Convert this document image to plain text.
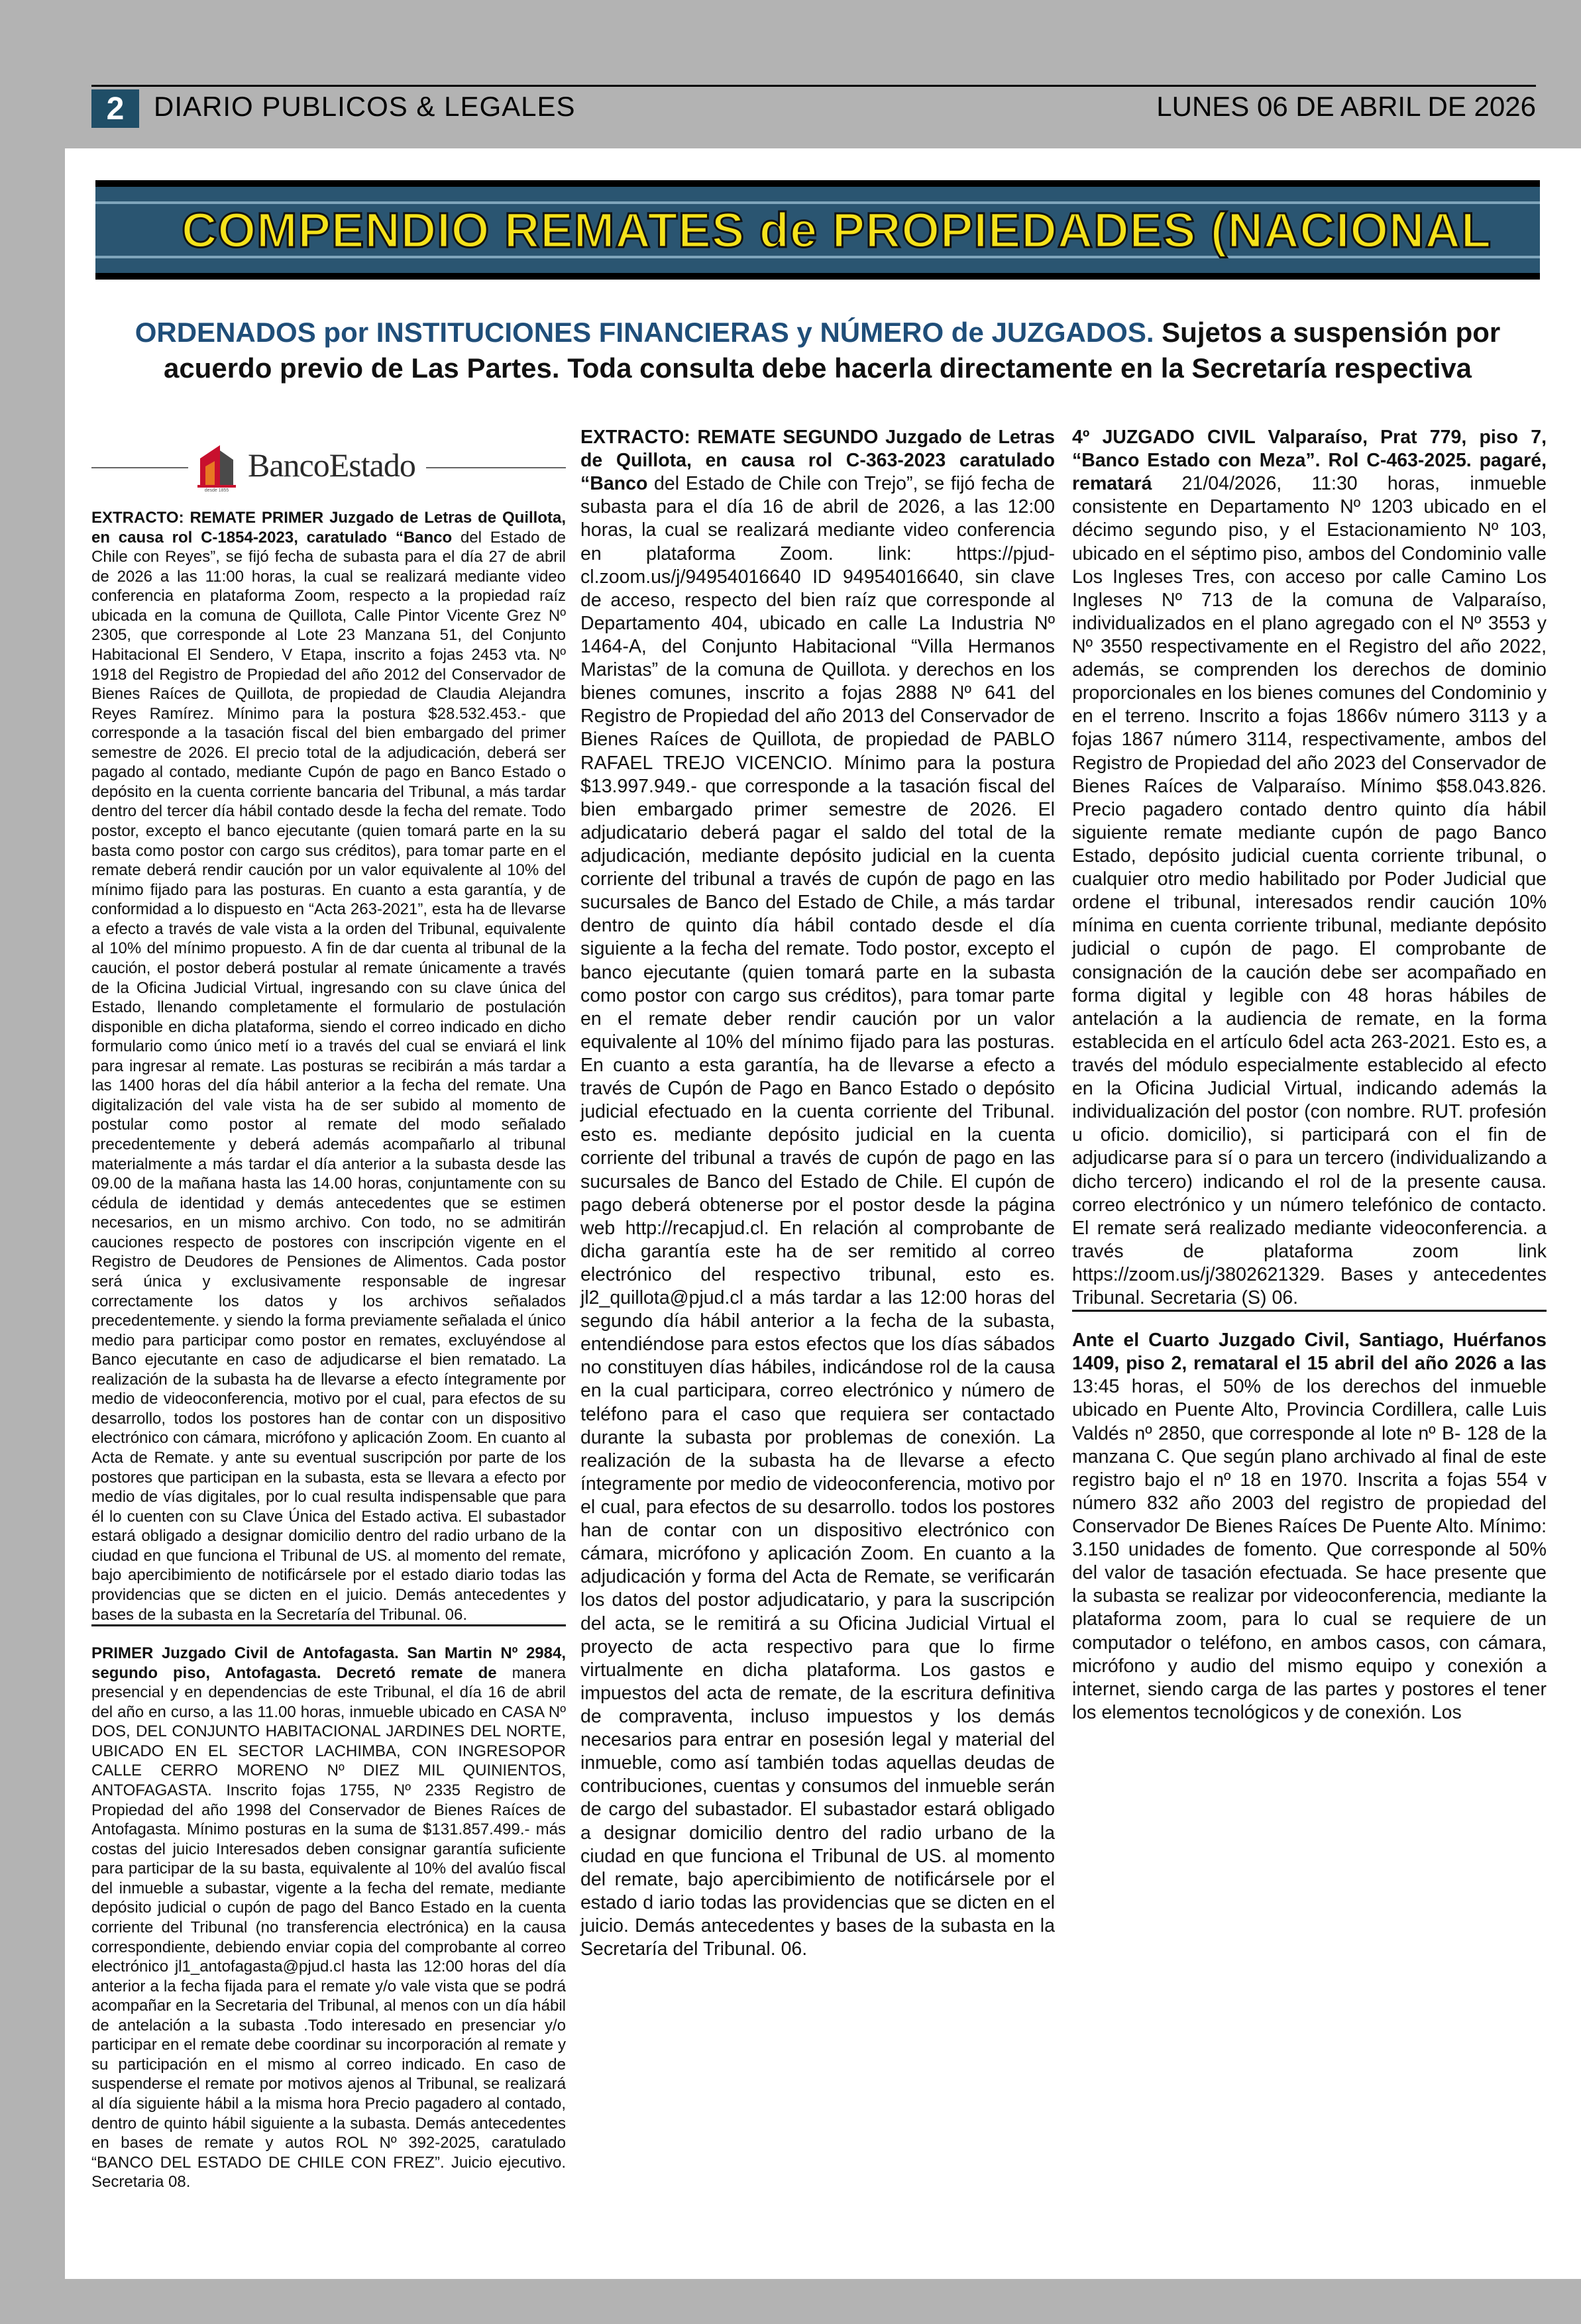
2	DIARIO PUBLICOS & LEGALES	LUNES 06 DE ABRIL DE 2026
COMPENDIO REMATES de PROPIEDADES (NACIONAL
ORDENADOS por INSTITUCIONES FINANCIERAS y NÚMERO de JUZGADOS. Sujetos a suspensión por acuerdo previo de Las Partes. Toda consulta debe hacerla directamente en la Secretaría respectiva
desde 1855
BancoEstado

EXTRACTO: REMATE PRIMER Juzgado de Letras de Quillota, en causa rol C-1854-2023, caratulado “Banco del Estado de Chile con Reyes”, se fijó fecha de subasta para el día 27 de abril de 2026 a las 11:00 horas, la cual se realizará mediante video conferencia en plataforma Zoom, respecto a la propiedad raíz ubicada en la comuna de Quillota, Calle Pintor Vicente Grez Nº 2305, que corresponde al Lote 23 Manzana 51, del Conjunto Habitacional El Sendero, V Etapa, inscrito a fojas 2453 vta. Nº 1918 del Registro de Propiedad del año 2012 del Conservador de Bienes Raíces de Quillota, de propiedad de Claudia Alejandra Reyes Ramírez. Mínimo para la postura $28.532.453.- que corresponde a la tasación fiscal del bien embargado del primer semestre de 2026. El precio total de la adjudicación, deberá ser pagado al contado, mediante Cupón de pago en Banco Estado o depósito en la cuenta corriente bancaria del Tribunal, a más tardar dentro del tercer día hábil contado desde la fecha del remate. Todo postor, excepto el banco ejecutante (quien tomará parte en la su basta como postor con cargo sus créditos), para tomar parte en el remate deberá rendir caución por un valor equivalente al 10% del mínimo fijado para las posturas. En cuanto a esta garantía, y de conformidad a lo dispuesto en “Acta 263-2021”, esta ha de llevarse a efecto a través de vale vista a la orden del Tribunal, equivalente al 10% del mínimo propuesto. A fin de dar cuenta al tribunal de la caución, el postor deberá postular al remate únicamente a través de la Oficina Judicial Virtual, ingresando con su clave única del Estado, llenando completamente el formulario de postulación disponible en dicha plataforma, siendo el correo indicado en dicho formulario como único metí io a través del cual se enviará el link para ingresar al remate. Las posturas se recibirán a más tardar a las 1400 horas del día hábil anterior a la fecha del remate. Una digitalización del vale vista ha de ser subido al momento de postular como postor al remate del modo señalado precedentemente y deberá además acompañarlo al tribunal materialmente a más tardar el día anterior a la subasta desde las 09.00 de la mañana hasta las 14.00 horas, conjuntamente con su cédula de identidad y demás antecedentes que se estimen necesarios, en un mismo archivo. Con todo, no se admitirán cauciones respecto de postores con inscripción vigente en el Registro de Deudores de Pensiones de Alimentos. Cada postor será única y exclusivamente responsable de ingresar correctamente los datos y los archivos señalados precedentemente. y siendo la forma previamente señalada el único medio para participar como postor en remates, excluyéndose al Banco ejecutante en caso de adjudicarse el bien rematado. La realización de la subasta ha de llevarse a efecto íntegramente por medio de videoconferencia, motivo por el cual, para efectos de su desarrollo, todos los postores han de contar con un dispositivo electrónico con cámara, micrófono y aplicación Zoom. En cuanto al Acta de Remate. y ante su eventual suscripción por parte de los postores que participan en la subasta, esta se llevara a efecto por medio de vías digitales, por lo cual resulta indispensable que para él lo cuenten con su Clave Única del Estado activa. El subastador estará obligado a designar domicilio dentro del radio urbano de la ciudad en que funciona el Tribunal de US. al momento del remate, bajo apercibimiento de notificársele por el estado diario todas las providencias que se dicten en el juicio. Demás antecedentes y bases de la subasta en la Secretaría del Tribunal. 06.

PRIMER Juzgado Civil de Antofagasta. San Martin Nº 2984, segundo piso, Antofagasta. Decretó remate de manera presencial y en dependencias de este Tribunal, el día 16 de abril del año en curso, a las 11.00 horas, inmueble ubicado en CASA Nº DOS, DEL CONJUNTO HABITACIONAL JARDINES DEL NORTE, UBICADO EN EL SECTOR LACHIMBA, CON INGRESOPOR CALLE CERRO MORENO Nº DIEZ MIL QUINIENTOS, ANTOFAGASTA. Inscrito fojas 1755, Nº 2335 Registro de Propiedad del año 1998 del Conservador de Bienes Raíces de Antofagasta. Mínimo posturas en la suma de $131.857.499.- más costas del juicio Interesados deben consignar garantía suficiente para participar de la su basta, equivalente al 10% del avalúo fiscal del inmueble a subastar, vigente a la fecha del remate, mediante depósito judicial o cupón de pago del Banco Estado en la cuenta corriente del Tribunal (no transferencia electrónica) en la causa correspondiente, debiendo enviar copia del comprobante al correo electrónico jl1_antofagasta@pjud.cl hasta las 12:00 horas del día anterior a la fecha fijada para el remate y/o vale vista que se podrá acompañar en la Secretaria del Tribunal, al menos con un día hábil de antelación a la subasta .Todo interesado en presenciar y/o participar en el remate debe coordinar su incorporación al remate y su participación en el mismo al correo indicado. En caso de suspenderse el remate por motivos ajenos al Tribunal, se realizará al día siguiente hábil a la misma hora Precio pagadero al contado, dentro de quinto hábil siguiente a la subasta. Demás antecedentes en bases de remate y autos ROL Nº 392-2025, caratulado “BANCO DEL ESTADO DE CHILE CON FREZ”. Juicio ejecutivo. Secretaria 08.

EXTRACTO: REMATE SEGUNDO Juzgado de Letras de Quillota, en causa rol C-363-2023 caratulado “Banco del Estado de Chile con Trejo”, se fijó fecha de subasta para el día 16 de abril de 2026, a las 12:00 horas, la cual se realizará mediante video conferencia en plataforma Zoom. link: https://pjud-cl.zoom.us/j/94954016640 ID 94954016640, sin clave de acceso, respecto del bien raíz que corresponde al Departamento 404, ubicado en calle La Industria Nº 1464-A, del Conjunto Habitacional “Villa Hermanos Maristas” de la comuna de Quillota. y derechos en los bienes comunes, inscrito a fojas 2888 Nº 641 del Registro de Propiedad del año 2013 del Conservador de Bienes Raíces de Quillota, de propiedad de PABLO RAFAEL TREJO VICENCIO. Mínimo para la postura $13.997.949.- que corresponde a la tasación fiscal del bien embargado primer semestre de 2026. El adjudicatario deberá pagar el saldo del total de la adjudicación, mediante depósito judicial en la cuenta corriente del tribunal a través de cupón de pago en las sucursales de Banco del Estado de Chile, a más tardar dentro de quinto día hábil contado desde el día siguiente a la fecha del remate. Todo postor, excepto el banco ejecutante (quien tomará parte en la subasta como postor con cargo sus créditos), para tomar parte en el remate deber rendir caución por un valor equivalente al 10% del mínimo fijado para las posturas. En cuanto a esta garantía, ha de llevarse a efecto a través de Cupón de Pago en Banco Estado o depósito judicial efectuado en la cuenta corriente del Tribunal. esto es. mediante depósito judicial en la cuenta corriente del tribunal a través de cupón de pago en las sucursales de Banco del Estado de Chile. El cupón de pago deberá obtenerse por el postor desde la página web http://recapjud.cl. En relación al comprobante de dicha garantía este ha de ser remitido al correo electrónico del respectivo tribunal, esto es. jl2_quillota@pjud.cl a más tardar a las 12:00 horas del segundo día hábil anterior a la fecha de la subasta, entendiéndose para estos efectos que los días sábados no constituyen días hábiles, indicándose rol de la causa en la cual participara, correo electrónico y número de teléfono para el caso que requiera ser contactado durante la subasta por problemas de conexión. La realización de la subasta ha de llevarse a efecto íntegramente por medio de videoconferencia, motivo por el cual, para efectos de su desarrollo. todos los postores han de contar con un dispositivo electrónico con cámara, micrófono y aplicación Zoom. En cuanto a la adjudicación y forma del Acta de Remate, se verificarán los datos del postor adjudicatario, y para la suscripción del acta, se le remitirá a su Oficina Judicial Virtual el proyecto de acta respectivo para que lo firme virtualmente en dicha plataforma. Los gastos e impuestos del acta de remate, de la escritura definitiva de compraventa, incluso impuestos y los demás necesarios para entrar en posesión legal y material del inmueble, como así también todas aquellas deudas de contribuciones, cuentas y consumos del inmueble serán de cargo del subastador. El subastador estará obligado a designar domicilio dentro del radio urbano de la ciudad en que funciona el Tribunal de US. al momento del remate, bajo apercibimiento de notificársele por el estado d iario todas las providencias que se dicten en el juicio. Demás antecedentes y bases de la subasta en la Secretaría del Tribunal. 06.

4º JUZGADO CIVIL Valparaíso, Prat 779, piso 7, “Banco Estado con Meza”. Rol C-463-2025. pagaré, rematará 21/04/2026, 11:30 horas, inmueble consistente en Departamento Nº 1203 ubicado en el décimo segundo piso, y el Estacionamiento Nº 103, ubicado en el séptimo piso, ambos del Condominio valle Los Ingleses Tres, con acceso por calle Camino Los Ingleses Nº 713 de la comuna de Valparaíso, individualizados en el plano agregado con el Nº 3553 y Nº 3550 respectivamente en el Registro del año 2022, además, se comprenden los derechos de dominio proporcionales en los bienes comunes del Condominio y en el terreno. Inscrito a fojas 1866v número 3113 y a fojas 1867 número 3114, respectivamente, ambos del Registro de Propiedad del año 2023 del Conservador de Bienes Raíces de Valparaíso. Mínimo $58.043.826. Precio pagadero contado dentro quinto día hábil siguiente remate mediante cupón de pago Banco Estado, depósito judicial cuenta corriente tribunal, o cualquier otro medio habilitado por Poder Judicial que ordene el tribunal, interesados rendir caución 10% mínima en cuenta corriente tribunal, mediante depósito judicial o cupón de pago. El comprobante de consignación de la caución debe ser acompañado en forma digital y legible con 48 horas hábiles de antelación a la audiencia de remate, en la forma establecida en el artículo 6del acta 263-2021. Esto es, a través del módulo especialmente establecido al efecto en la Oficina Judicial Virtual, indicando además la individualización del postor (con nombre. RUT. profesión u oficio. domicilio), si participará con el fin de adjudicarse para sí o para un tercero (individualizando a dicho tercero) indicando el rol de la presente causa. correo electrónico y un número telefónico de contacto. El remate será realizado mediante videoconferencia. a través de plataforma zoom link https://zoom.us/j/3802621329. Bases y antecedentes Tribunal. Secretaria (S) 06.

Ante el Cuarto Juzgado Civil, Santiago, Huérfanos 1409, piso 2, remataral el 15 abril del año 2026 a las 13:45 horas, el 50% de los derechos del inmueble ubicado en Puente Alto, Provincia Cordillera, calle Luis Valdés nº 2850, que corresponde al lote nº B- 128 de la manzana C. Que según plano archivado al final de este registro bajo el nº 18 en 1970. Inscrita a fojas 554 v número 832 año 2003 del registro de propiedad del Conservador De Bienes Raíces De Puente Alto. Mínimo: 3.150 unidades de fomento. Que corresponde al 50% del valor de tasación efectuada. Se hace presente que la subasta se realizar por videoconferencia, mediante la plataforma zoom, para lo cual se requiere de un computador o teléfono, en ambos casos, con cámara, micrófono y audio del mismo equipo y conexión a internet, siendo carga de las partes y postores el tener los elementos tecnológicos y de conexión. Los
